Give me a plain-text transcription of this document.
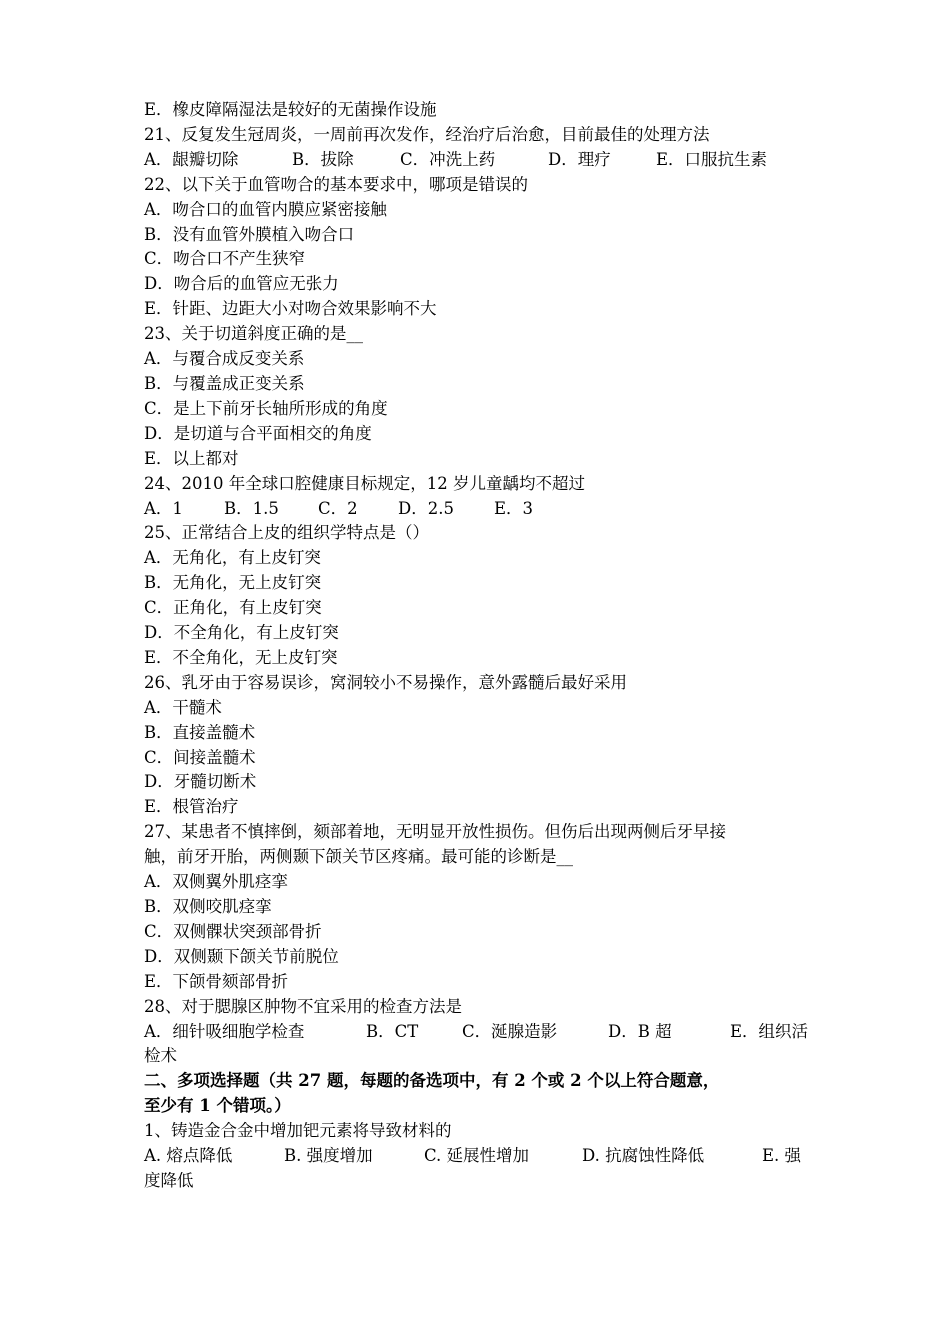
E．橡皮障隔湿法是较好的无菌操作设施
21、反复发生冠周炎，一周前再次发作，经治疗后治愈，目前最佳的处理方法
A．龈瓣切除	B．拔除	C．冲洗上药	D．理疗	E．口服抗生素
22、以下关于血管吻合的基本要求中，哪项是错误的
A．吻合口的血管内膜应紧密接触
B．没有血管外膜植入吻合口
C．吻合口不产生狭窄
D．吻合后的血管应无张力
E．针距、边距大小对吻合效果影响不大
23、关于切道斜度正确的是__
A．与覆合成反变关系
B．与覆盖成正变关系
C．是上下前牙长轴所形成的角度
D．是切道与合平面相交的角度
E．以上都对
24、2010 年全球口腔健康目标规定，12 岁儿童龋均不超过
A．1	B．1.5	C．2	D．2.5	E．3
25、正常结合上皮的组织学特点是（）
A．无角化，有上皮钉突
B．无角化，无上皮钉突
C．正角化，有上皮钉突
D．不全角化，有上皮钉突
E．不全角化，无上皮钉突
26、乳牙由于容易误诊，窝洞较小不易操作，意外露髓后最好采用
A．干髓术
B．直接盖髓术
C．间接盖髓术
D．牙髓切断术
E．根管治疗
27、某患者不慎摔倒，颏部着地，无明显开放性损伤。但伤后出现两侧后牙早接
触，前牙开胎，两侧颞下颌关节区疼痛。最可能的诊断是__
A．双侧翼外肌痉挛
B．双侧咬肌痉挛
C．双侧髁状突颈部骨折
D．双侧颞下颌关节前脱位
E．下颌骨颏部骨折
28、对于腮腺区肿物不宜采用的检查方法是
A．细针吸细胞学检查	B．CT	C．涎腺造影	D．B 超	E．组织活
检术
二、多项选择题（共 27 题，每题的备选项中，有 2 个或 2 个以上符合题意，
至少有 1 个错项。）
1、铸造金合金中增加钯元素将导致材料的
A. 熔点降低	B. 强度增加	C. 延展性增加	D. 抗腐蚀性降低	E. 强
度降低
